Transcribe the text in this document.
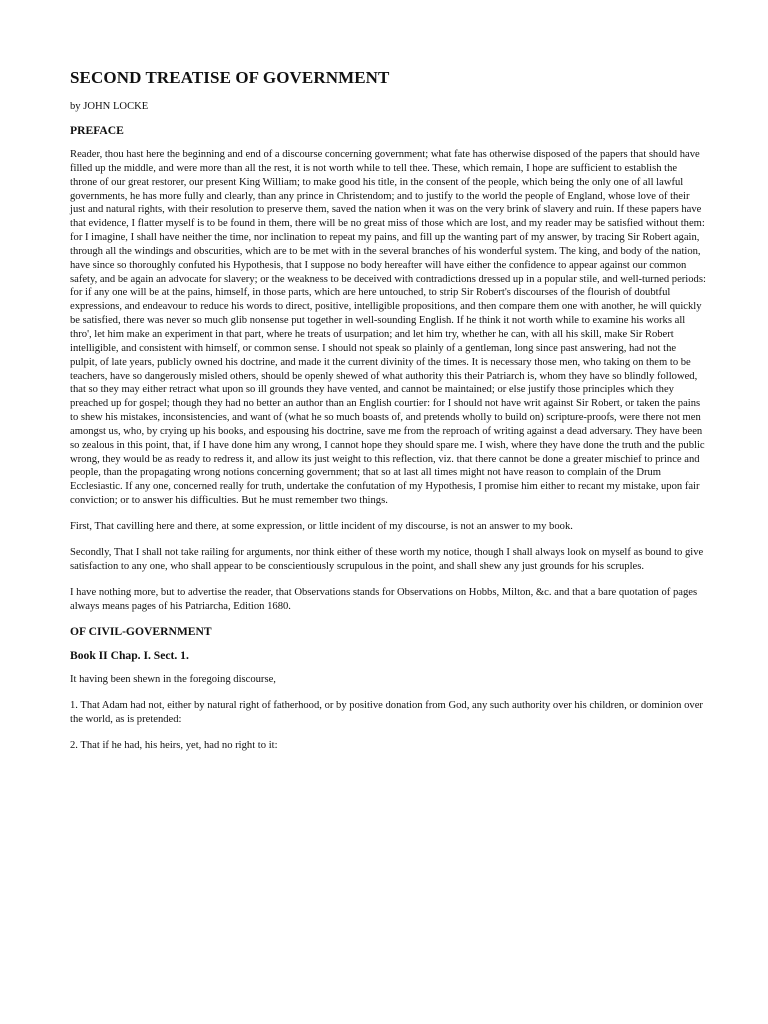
SECOND TREATISE OF GOVERNMENT
by JOHN LOCKE
PREFACE
Reader, thou hast here the beginning and end of a discourse concerning government; what fate has otherwise disposed of the papers that should have filled up the middle, and were more than all the rest, it is not worth while to tell thee. These, which remain, I hope are sufficient to establish the throne of our great restorer, our present King William; to make good his title, in the consent of the people, which being the only one of all lawful governments, he has more fully and clearly, than any prince in Christendom; and to justify to the world the people of England, whose love of their just and natural rights, with their resolution to preserve them, saved the nation when it was on the very brink of slavery and ruin. If these papers have that evidence, I flatter myself is to be found in them, there will be no great miss of those which are lost, and my reader may be satisfied without them: for I imagine, I shall have neither the time, nor inclination to repeat my pains, and fill up the wanting part of my answer, by tracing Sir Robert again, through all the windings and obscurities, which are to be met with in the several branches of his wonderful system. The king, and body of the nation, have since so thoroughly confuted his Hypothesis, that I suppose no body hereafter will have either the confidence to appear against our common safety, and be again an advocate for slavery; or the weakness to be deceived with contradictions dressed up in a popular stile, and well-turned periods: for if any one will be at the pains, himself, in those parts, which are here untouched, to strip Sir Robert's discourses of the flourish of doubtful expressions, and endeavour to reduce his words to direct, positive, intelligible propositions, and then compare them one with another, he will quickly be satisfied, there was never so much glib nonsense put together in well-sounding English. If he think it not worth while to examine his works all thro', let him make an experiment in that part, where he treats of usurpation; and let him try, whether he can, with all his skill, make Sir Robert intelligible, and consistent with himself, or common sense. I should not speak so plainly of a gentleman, long since past answering, had not the pulpit, of late years, publicly owned his doctrine, and made it the current divinity of the times. It is necessary those men, who taking on them to be teachers, have so dangerously misled others, should be openly shewed of what authority this their Patriarch is, whom they have so blindly followed, that so they may either retract what upon so ill grounds they have vented, and cannot be maintained; or else justify those principles which they preached up for gospel; though they had no better an author than an English courtier: for I should not have writ against Sir Robert, or taken the pains to shew his mistakes, inconsistencies, and want of (what he so much boasts of, and pretends wholly to build on) scripture-proofs, were there not men amongst us, who, by crying up his books, and espousing his doctrine, save me from the reproach of writing against a dead adversary. They have been so zealous in this point, that, if I have done him any wrong, I cannot hope they should spare me. I wish, where they have done the truth and the public wrong, they would be as ready to redress it, and allow its just weight to this reflection, viz. that there cannot be done a greater mischief to prince and people, than the propagating wrong notions concerning government; that so at last all times might not have reason to complain of the Drum Ecclesiastic. If any one, concerned really for truth, undertake the confutation of my Hypothesis, I promise him either to recant my mistake, upon fair conviction; or to answer his difficulties. But he must remember two things.
First, That cavilling here and there, at some expression, or little incident of my discourse, is not an answer to my book.
Secondly, That I shall not take railing for arguments, nor think either of these worth my notice, though I shall always look on myself as bound to give satisfaction to any one, who shall appear to be conscientiously scrupulous in the point, and shall shew any just grounds for his scruples.
I have nothing more, but to advertise the reader, that Observations stands for Observations on Hobbs, Milton, &c. and that a bare quotation of pages always means pages of his Patriarcha, Edition 1680.
OF CIVIL-GOVERNMENT
Book II Chap. I. Sect. 1.
It having been shewn in the foregoing discourse,
1. That Adam had not, either by natural right of fatherhood, or by positive donation from God, any such authority over his children, or dominion over the world, as is pretended:
2. That if he had, his heirs, yet, had no right to it:
